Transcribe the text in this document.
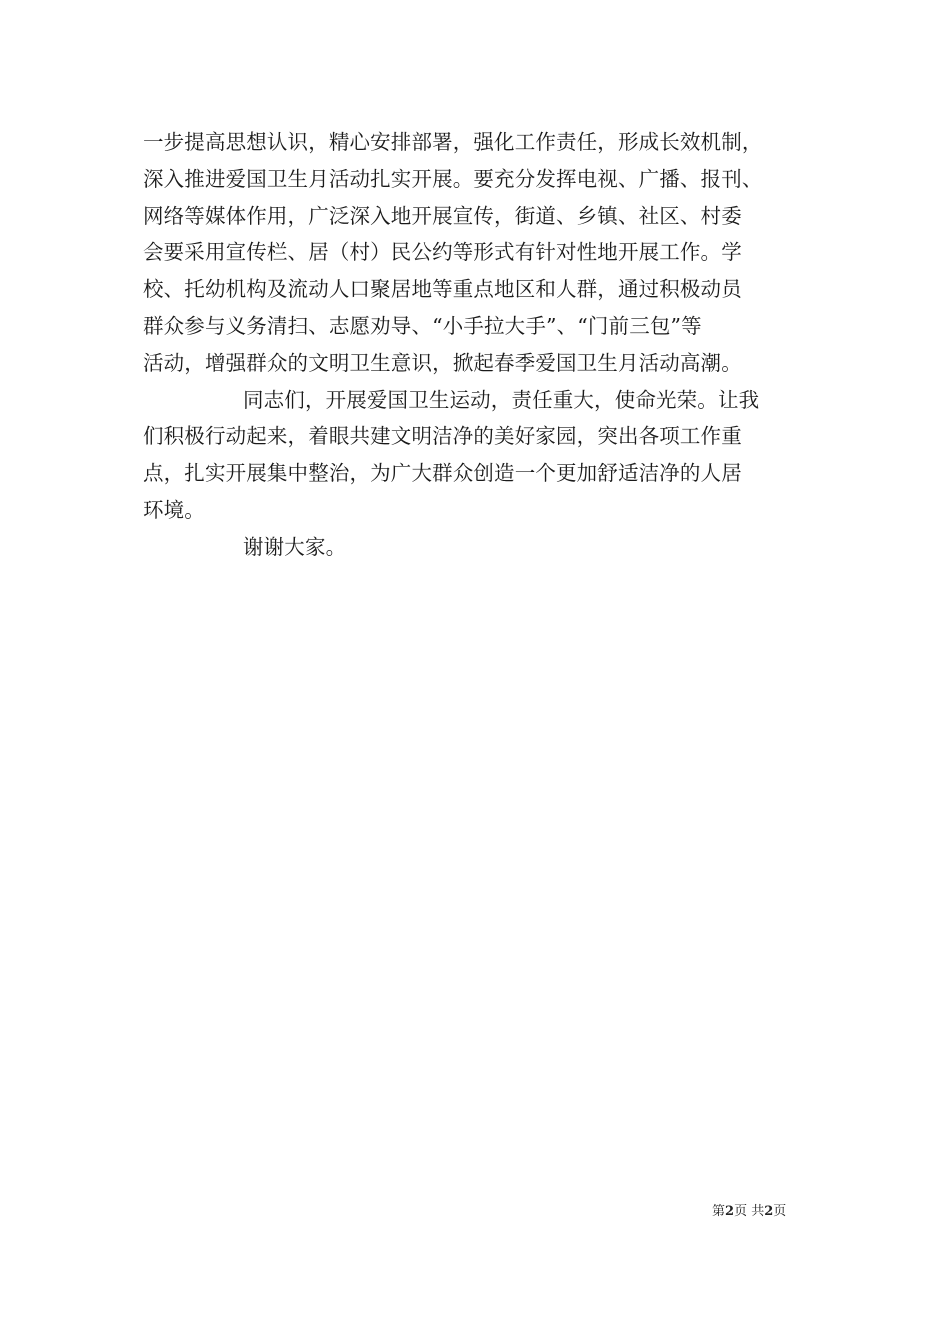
一步提高思想认识，精心安排部署，强化工作责任，形成长效机制，
深入推进爱国卫生月活动扎实开展。要充分发挥电视、广播、报刊、
网络等媒体作用，广泛深入地开展宣传，街道、乡镇、社区、村委
会要采用宣传栏、居（村）民公约等形式有针对性地开展工作。学
校、托幼机构及流动人口聚居地等重点地区和人群，通过积极动员
群众参与义务清扫、志愿劝导、“小手拉大手”、“门前三包”等
活动，增强群众的文明卫生意识，掀起春季爱国卫生月活动高潮。
同志们，开展爱国卫生运动，责任重大，使命光荣。让我
们积极行动起来，着眼共建文明洁净的美好家园，突出各项工作重
点，扎实开展集中整治，为广大群众创造一个更加舒适洁净的人居
环境。
谢谢大家。
第2页 共2页
